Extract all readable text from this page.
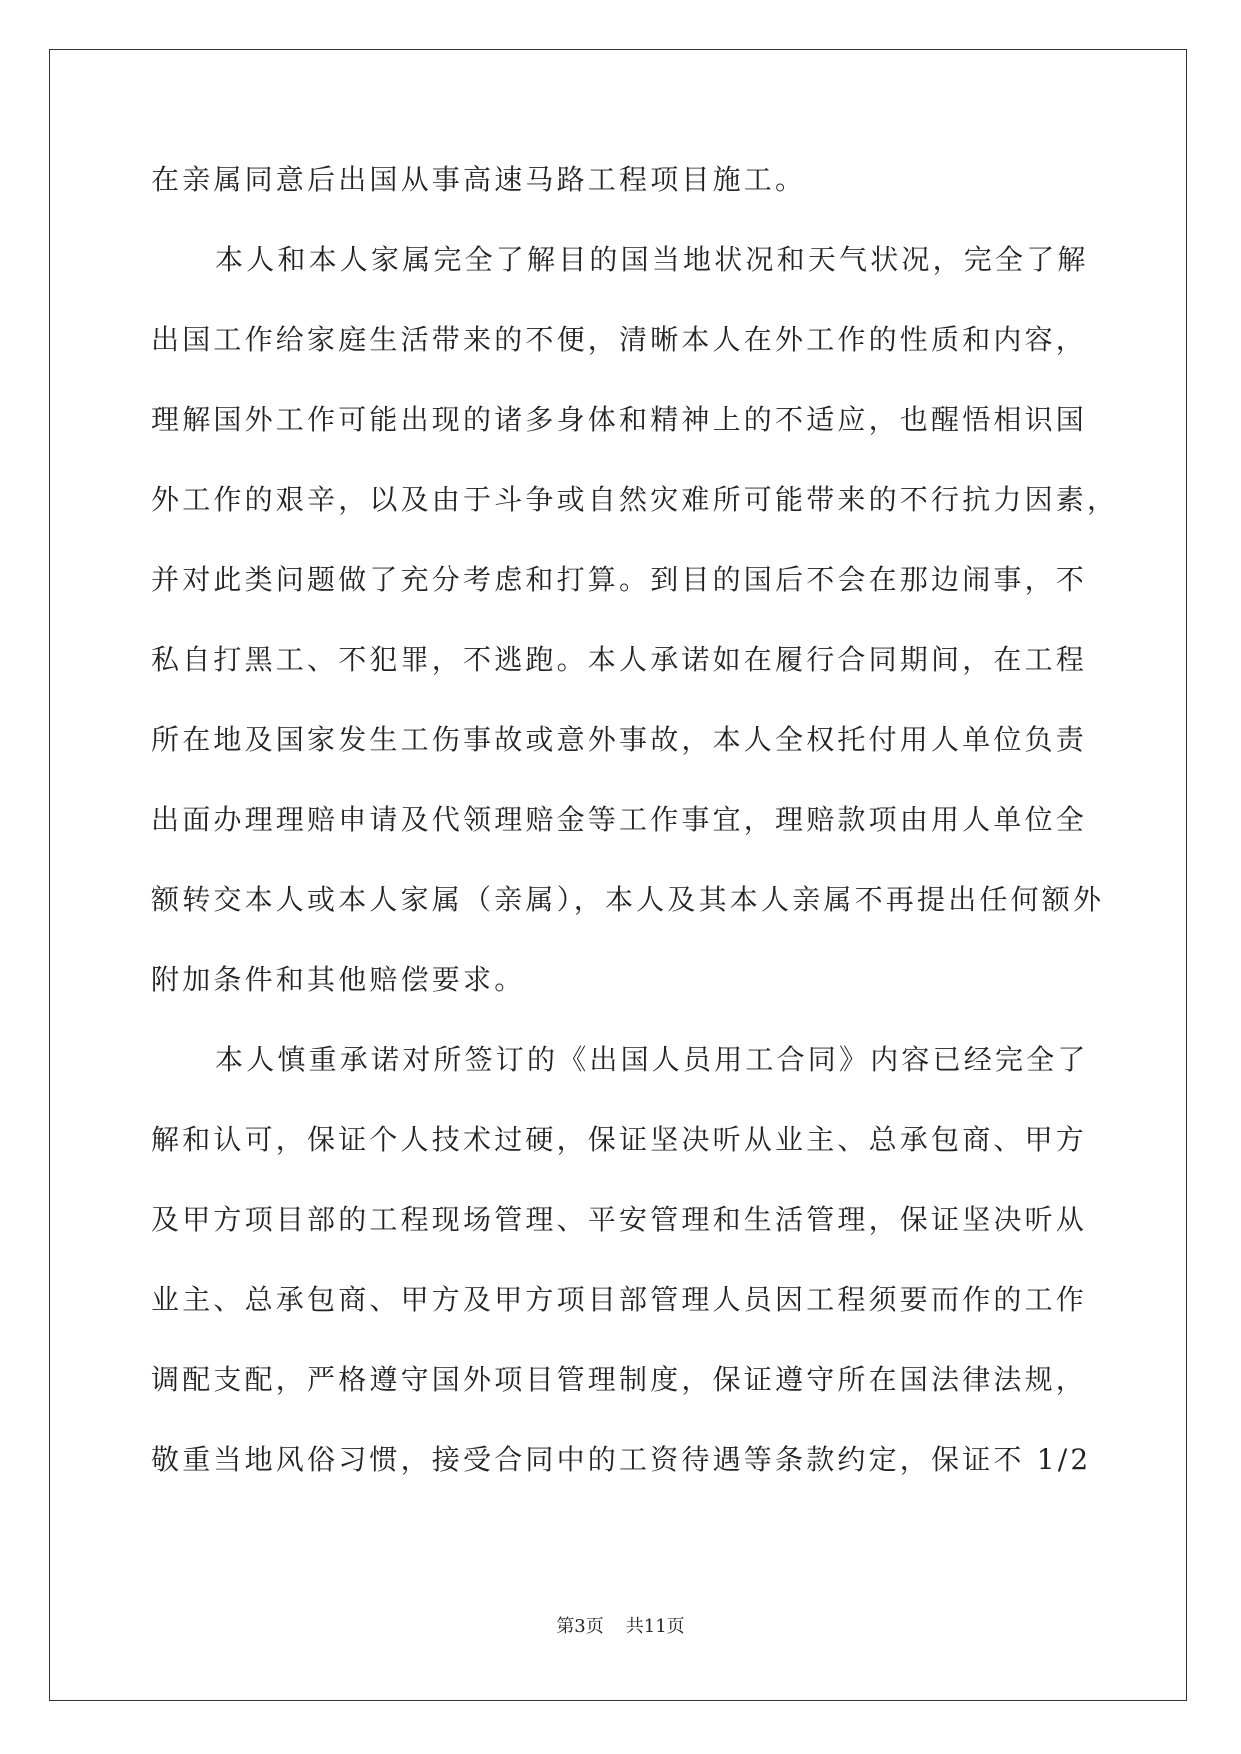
在亲属同意后出国从事高速马路工程项目施工。
本人和本人家属完全了解目的国当地状况和天气状况，完全了解
出国工作给家庭生活带来的不便，清晰本人在外工作的性质和内容，
理解国外工作可能出现的诸多身体和精神上的不适应，也醒悟相识国
外工作的艰辛，以及由于斗争或自然灾难所可能带来的不行抗力因素，
并对此类问题做了充分考虑和打算。到目的国后不会在那边闹事，不
私自打黑工、不犯罪，不逃跑。本人承诺如在履行合同期间，在工程
所在地及国家发生工伤事故或意外事故，本人全权托付用人单位负责
出面办理理赔申请及代领理赔金等工作事宜，理赔款项由用人单位全
额转交本人或本人家属（亲属），本人及其本人亲属不再提出任何额外
附加条件和其他赔偿要求。
本人慎重承诺对所签订的《出国人员用工合同》内容已经完全了
解和认可，保证个人技术过硬，保证坚决听从业主、总承包商、甲方
及甲方项目部的工程现场管理、平安管理和生活管理，保证坚决听从
业主、总承包商、甲方及甲方项目部管理人员因工程须要而作的工作
调配支配，严格遵守国外项目管理制度，保证遵守所在国法律法规，
敬重当地风俗习惯，接受合同中的工资待遇等条款约定，保证不 1/2
第3页 共11页
